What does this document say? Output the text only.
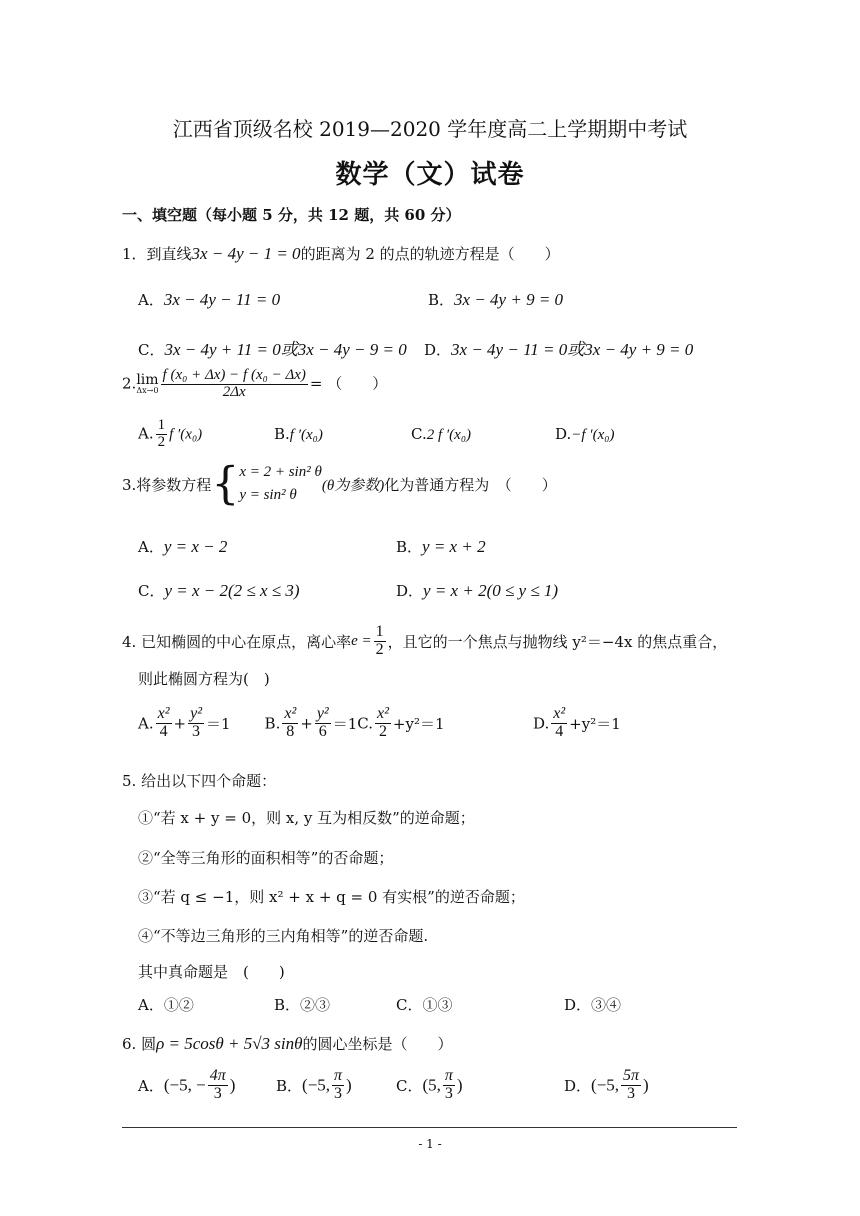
江西省顶级名校 2019—2020 学年度高二上学期期中考试
数学（文）试卷
一、填空题（每小题 5 分，共 12 题，共 60 分）
1．到直线3x − 4y − 1 = 0的距离为 2 的点的轨迹方程是（　　）
A．3x − 4y − 11 = 0	B．3x − 4y + 9 = 0
C．3x − 4y + 11 = 0或3x − 4y − 9 = 0 D．3x − 4y − 11 = 0或3x − 4y + 9 = 0
2. lim
$\Delta x\to 0 \frac{\text{f (x₀ + Δx) − f (x₀ − Δx)}}{2\Delta x}$ = （　　）
A. $\frac{1}{2}$ f ′(x₀)	B.f ′(x₀)	C.2 f ′(x₀)	D.−f ′(x₀)
3.将参数方程{ x = 2 + sin² θ
y = sin² θ
(θ为参数)化为普通方程为　（　　）
A．y = x − 2	B．y = x + 2
C．y = x − 2(2 ≤ x ≤ 3)	D．y = x + 2(0 ≤ y ≤ 1)
4. 已知椭圆的中心在原点，离心率$e = \frac{1}{2}$ ，且它的一个焦点与抛物线 y²＝−4x 的焦点重合，
则此椭圆方程为(　)
A. $\frac{\text{x²}}{4} + \frac{\text{y²}}{3} =1$ B. $\frac{\text{x²}}{8} + \frac{\text{y²}}{6} =1C$. $\frac{\text{x²}}{2} +y^2=1$	D. $\frac{\text{x²}}{4} +y^2=1$
5. 给出以下四个命题：
①“若 x + y = 0，则 x, y 互为相反数”的逆命题；
②“全等三角形的面积相等”的否命题；
③“若 q ≤ −1，则 x² + x + q = 0 有实根”的逆否命题；
④“不等边三角形的三内角相等”的逆否命题.
其中真命题是　(　　)
A．①②	B．②③	C．①③	D．③④
6. 圆ρ = 5cosθ + 5√3 sinθ的圆心坐标是（　　）
A．(−5, − $\frac{4\pi}{3}$ )	B．(−5, $\frac{\pi}{3}$ )	C．(5, $\frac{\pi}{3}$ )	D．(−5, $\frac{5\pi}{3}$ )
- 1 -
